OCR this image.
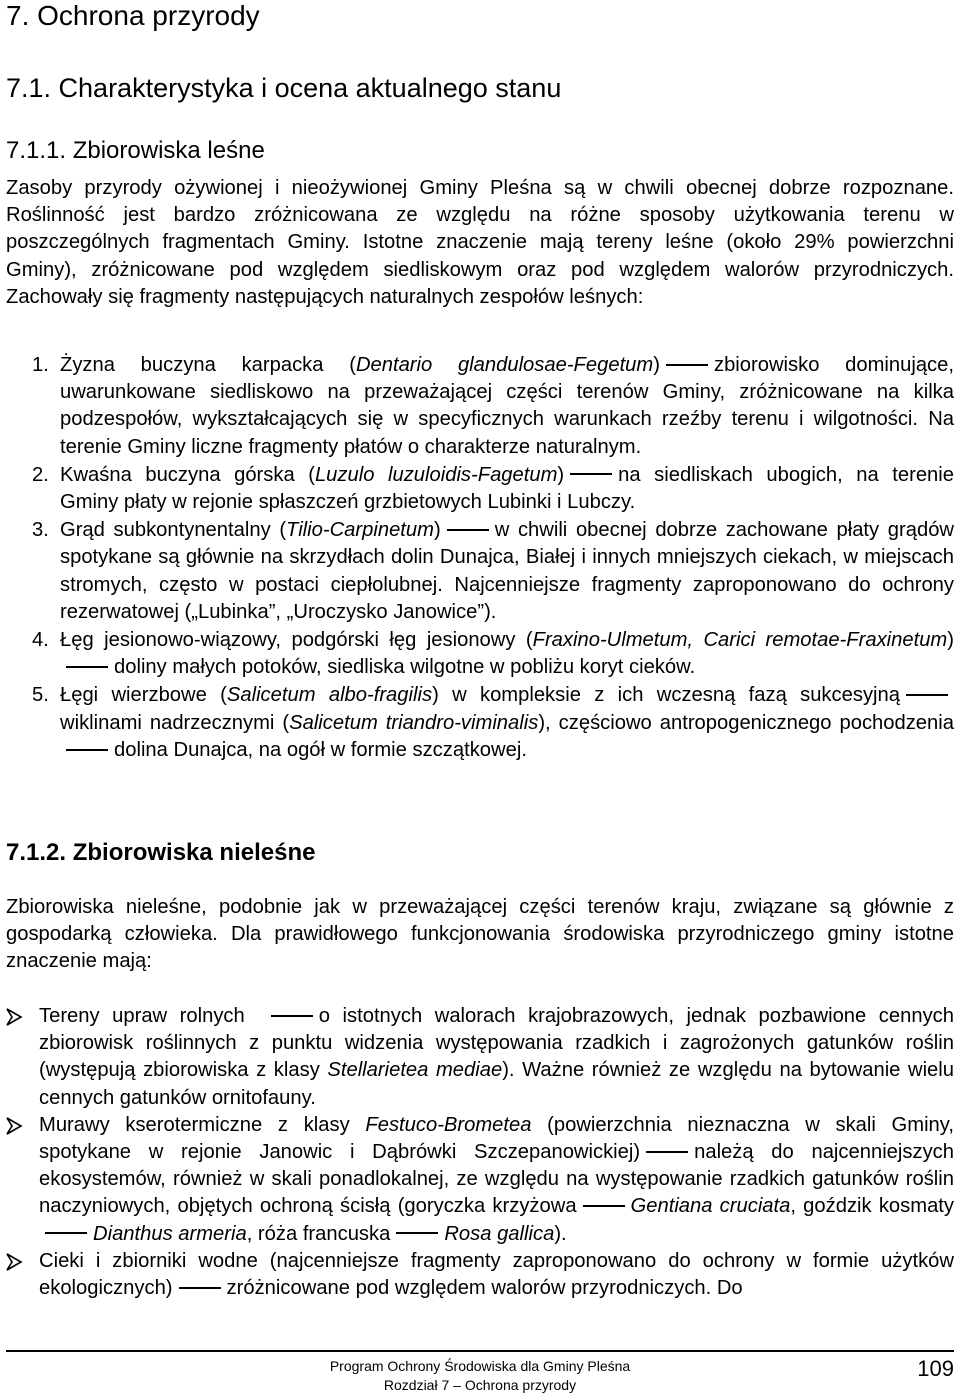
7. Ochrona przyrody
7.1. Charakterystyka i ocena aktualnego stanu
7.1.1. Zbiorowiska leśne

Zasoby przyrody ożywionej i nieożywionej Gminy Pleśna są w chwili obecnej dobrze rozpoznane. Roślinność jest bardzo zróżnicowana ze względu na różne sposoby użytkowania terenu w poszczególnych fragmentach Gminy. Istotne znaczenie mają tereny leśne (około 29% powierzchni Gminy), zróżnicowane pod względem siedliskowym oraz pod względem walorów przyrodniczych. Zachowały się fragmenty następujących naturalnych zespołów leśnych:

1. Żyzna buczyna karpacka (Dentario glandulosae-Fegetum)	zbiorowisko dominujące, uwarunkowane siedliskowo na przeważającej części terenów Gminy, zróżnicowane na kilka podzespołów, wykształcających się w specyficznych warunkach rzeźby terenu i wilgotności. Na terenie Gminy liczne fragmenty płatów o charakterze naturalnym.
2. Kwaśna buczyna górska (Luzulo luzuloidis-Fagetum)	na siedliskach ubogich, na terenie Gminy płaty w rejonie spłaszczeń grzbietowych Lubinki i Lubczy.
3. Grąd subkontynentalny (Tilio-Carpinetum)	w chwili obecnej dobrze zachowane płaty grądów spotykane są głównie na skrzydłach dolin Dunajca, Białej i innych mniejszych ciekach, w miejscach stromych, często w postaci ciepłolubnej. Najcenniejsze fragmenty zaproponowano do ochrony rezerwatowej („Lubinka”, „Uroczysko Janowice”).
4. Łęg jesionowo-wiązowy, podgórski łęg jesionowy (Fraxino-Ulmetum, Carici remotae-Fraxinetum)doliny małych potoków, siedliska wilgotne w pobliżu koryt cieków.
5. Łęgi wierzbowe (Salicetum albo-fragilis) w kompleksie z ich wczesną fazą sukcesyjnąwiklinami nadrzecznymi (Salicetum triandro-viminalis), częściowo antropogenicznego pochodzeniadolina Dunajca, na ogół w formie szczątkowej.
7.1.2. Zbiorowiska nieleśne

Zbiorowiska nieleśne, podobnie jak w przeważającej części terenów kraju, związane są głównie z gospodarką człowieka. Dla prawidłowego funkcjonowania środowiska przyrodniczego gminy istotne znaczenie mają:

Tereny upraw rolnych	o istotnych walorach krajobrazowych, jednak pozbawione cennych zbiorowisk roślinnych z punktu widzenia występowania rzadkich i zagrożonych gatunków roślin (występują zbiorowiska z klasy Stellarietea mediae). Ważne również ze względu na bytowanie wielu cennych gatunków ornitofauny.
Murawy kserotermiczne z klasy Festuco-Brometea (powierzchnia nieznaczna w skali Gminy, spotykane w rejonie Janowic i Dąbrówki Szczepanowickiej)	należą do najcenniejszych ekosystemów, również w skali ponadlokalnej, ze względu na występowanie rzadkich gatunków roślin naczyniowych, objętych ochroną ścisłą (goryczka krzyżowa	Gentiana cruciata, goździk kosmatyDianthus armeria, róża francuska	Rosa gallica).
Cieki i zbiorniki wodne (najcenniejsze fragmenty zaproponowano do ochrony w formie użytków ekologicznych)	zróżnicowane pod względem walorów przyrodniczych. Do
Program Ochrony Środowiska dla Gminy Pleśna
Rozdział 7 – Ochrona przyrody
109
